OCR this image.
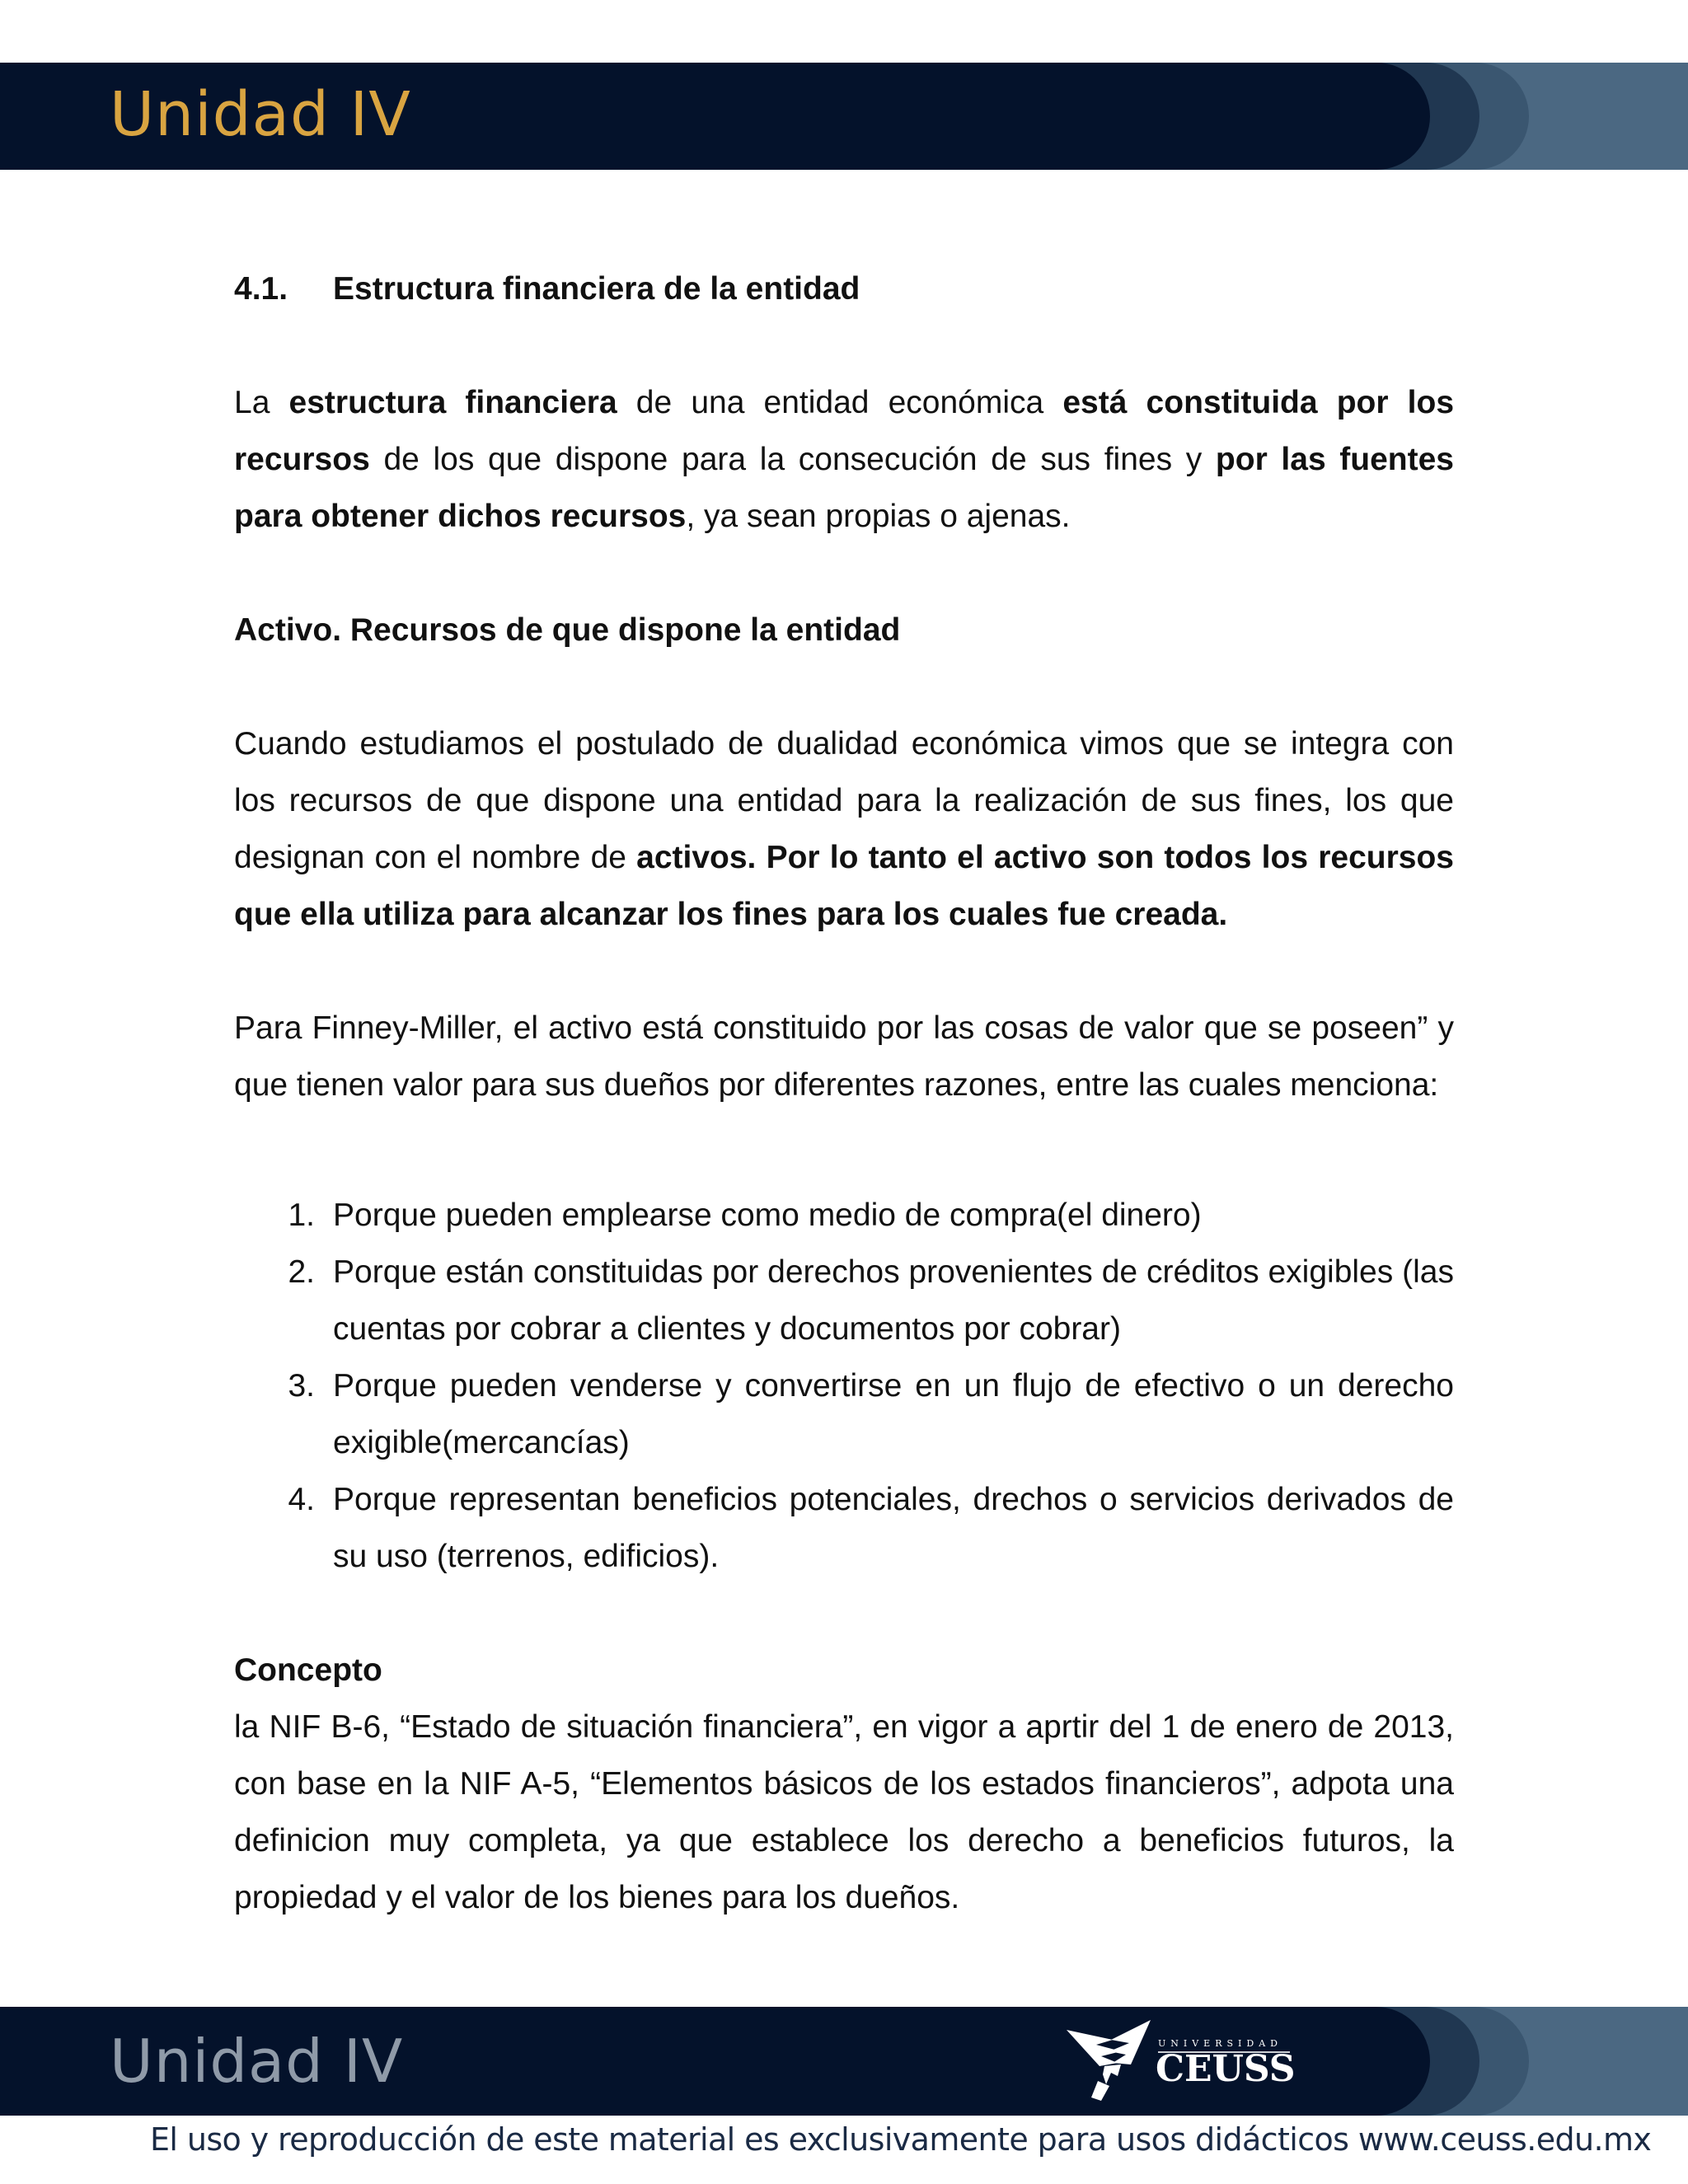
Unidad IV

4.1.	Estructura financiera de la entidad

La estructura financiera de una entidad económica está constituida por los recursos de los que dispone para la consecución de sus fines y por las fuentes para obtener dichos recursos, ya sean propias o ajenas.

Activo. Recursos de que dispone la entidad

Cuando estudiamos el postulado de dualidad económica vimos que se integra con los recursos de que dispone una entidad para la realización de sus fines, los que designan con el nombre de activos. Por lo tanto el activo son todos los recursos que ella utiliza para alcanzar los fines para los cuales fue creada.

Para Finney-Miller, el activo está constituido por las cosas de valor que se poseen” y que tienen valor para sus dueños por diferentes razones, entre las cuales menciona:

1. Porque pueden emplearse como medio de compra(el dinero)
2. Porque están constituidas por derechos provenientes de créditos exigibles (las cuentas por cobrar a clientes y documentos por cobrar)
3. Porque pueden venderse y convertirse en un flujo de efectivo o un derecho exigible(mercancías)
4. Porque representan beneficios potenciales, drechos o servicios derivados de su uso (terrenos, edificios).

Concepto

la NIF B-6, “Estado de situación financiera”, en vigor a aprtir del 1 de enero de 2013, con base en la NIF A-5, “Elementos básicos de los estados financieros”, adpota una definicion muy completa, ya que establece los derecho a beneficios futuros, la propiedad y el valor de los bienes para los dueños.

Unidad IV	UNIVERSIDAD
CEUSS
El uso y reproducción de este material es exclusivamente para usos didácticos www.ceuss.edu.mx
